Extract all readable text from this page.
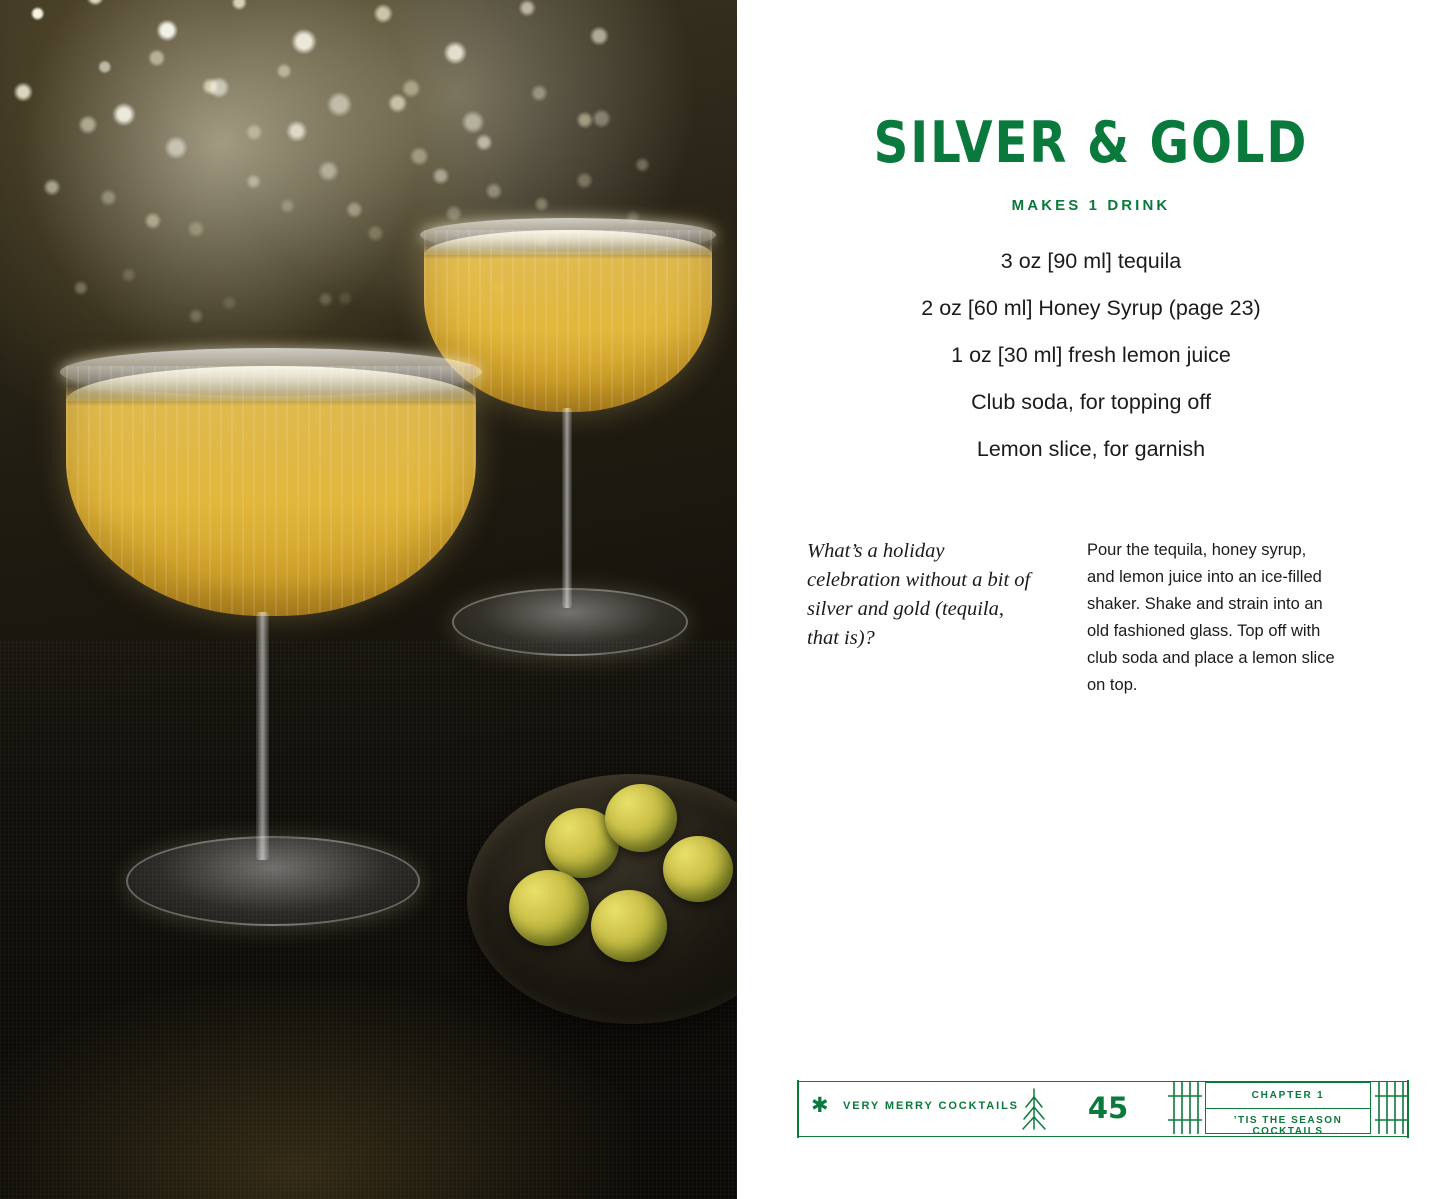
SILVER & GOLD
MAKES 1 DRINK
3 oz [90 ml] tequila
2 oz [60 ml] Honey Syrup (page 23)
1 oz [30 ml] fresh lemon juice
Club soda, for topping off
Lemon slice, for garnish
What’s a holiday celebration without a bit of silver and gold (tequila, that is)?
Pour the tequila, honey syrup, and lemon juice into an ice-filled shaker. Shake and strain into an old fashioned glass. Top off with club soda and place a lemon slice on top.
✱ VERY MERRY COCKTAILS	45	CHAPTER 1
’TIS THE SEASON COCKTAILS
